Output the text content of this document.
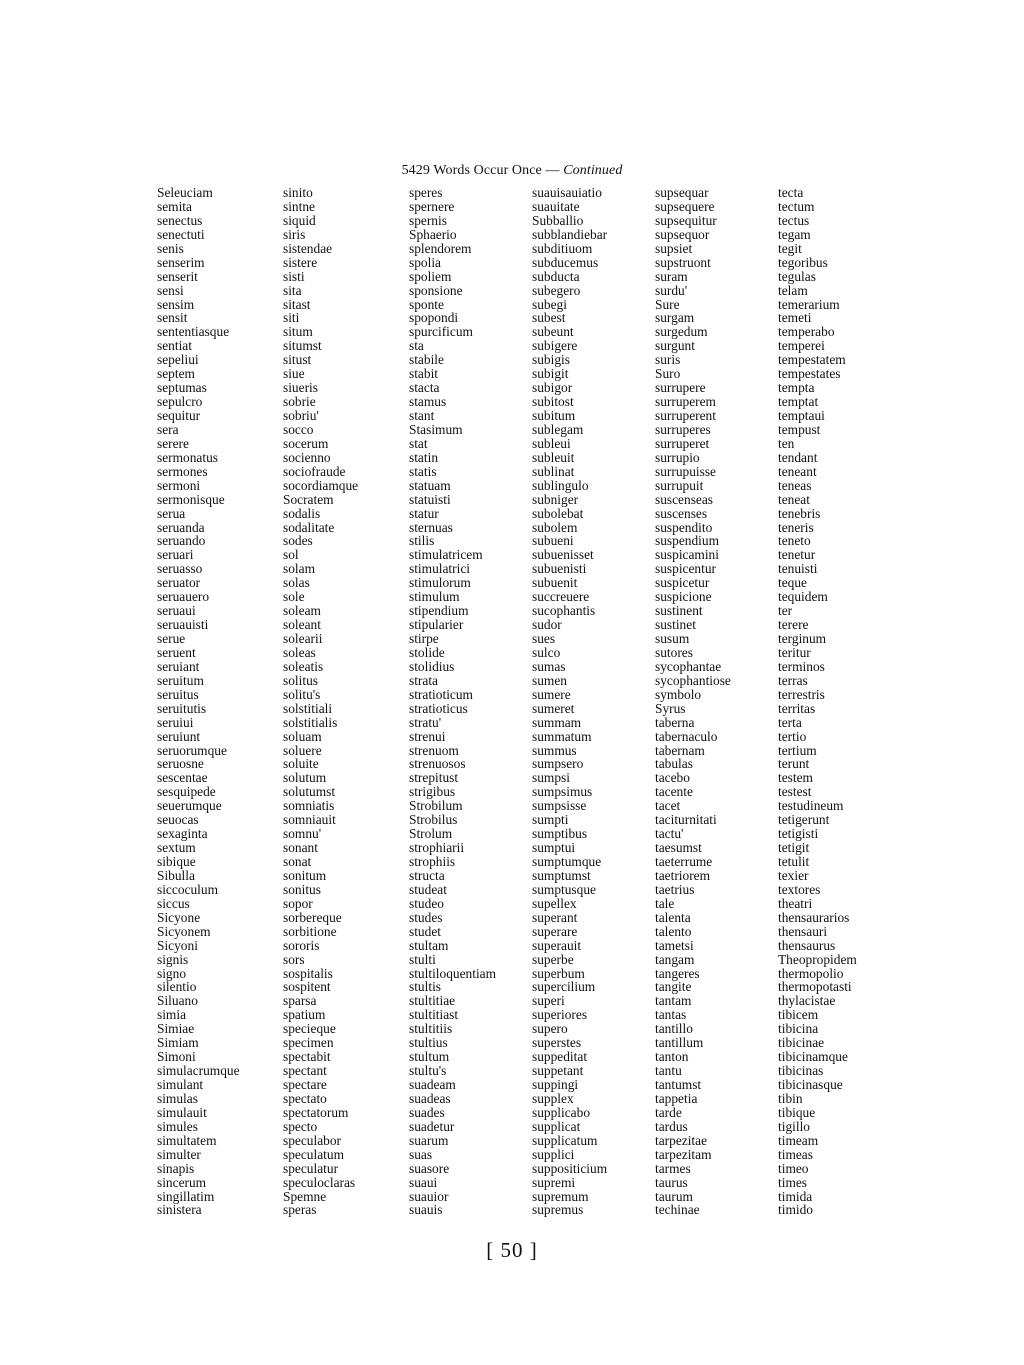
5429 Words Occur Once — Continued
Seleuciam
semita
senectus
senectuti
senis
senserim
senserit
sensi
sensim
sensit
sententiasque
sentiat
sepeliui
septem
septumas
sepulcro
sequitur
sera
serere
sermonatus
sermones
sermoni
sermonisque
serua
seruanda
seruando
seruari
seruasso
seruator
seruauero
seruaui
seruauisti
serue
seruent
seruiant
seruitum
seruitus
seruitutis
seruiui
seruiunt
seruorumque
seruosne
sescentae
sesquipede
seuerumque
seuocas
sexaginta
sextum
sibique
Sibulla
siccoculum
siccus
Sicyone
Sicyonem
Sicyoni
signis
signo
silentio
Siluano
simia
Simiae
Simiam
Simoni
simulacrumque
simulant
simulas
simulauit
simules
simultatem
simulter
sinapis
sincerum
singillatim
sinistera
sinito
sintne
siquid
siris
sistendae
sistere
sisti
sita
sitast
siti
situm
situmst
situst
siue
siueris
sobrie
sobriu'
socco
socerum
socienno
sociofraude
socordiamque
Socratem
sodalis
sodalitate
sodes
sol
solam
solas
sole
soleam
soleant
solearii
soleas
soleatis
solitus
solitu's
solstitiali
solstitialis
soluam
soluere
soluite
solutum
solutumst
somniatis
somniauit
somnu'
sonant
sonat
sonitum
sonitus
sopor
sorbereque
sorbitione
sororis
sors
sospitalis
sospitent
sparsa
spatium
specieque
specimen
spectabit
spectant
spectare
spectato
spectatorum
specto
speculabor
speculatum
speculatur
speculoclaras
Spemne
speras
speres
spernere
spernis
Sphaerio
splendorem
spolia
spoliem
sponsione
sponte
spopondi
spurcificum
sta
stabile
stabit
stacta
stamus
stant
Stasimum
stat
statin
statis
statuam
statuisti
statur
sternuas
stilis
stimulatricem
stimulatrici
stimulorum
stimulum
stipendium
stipularier
stirpe
stolide
stolidius
strata
stratioticum
stratioticus
stratu'
strenui
strenuom
strenuosos
strepitust
strigibus
Strobilum
Strobilus
Strolum
strophiarii
strophiis
structa
studeat
studeo
studes
studet
stultam
stulti
stultiloquentiam
stultis
stultitiae
stultitiast
stultitiis
stultius
stultum
stultu's
suadeam
suadeas
suades
suadetur
suarum
suas
suasore
suaui
suauior
suauis
suauisauiatio
suauitate
Subballio
subblandiebar
subditiuom
subducemus
subducta
subegero
subegi
subest
subeunt
subigere
subigis
subigit
subigor
subitost
subitum
sublegam
subleui
subleuit
sublinat
sublingulo
subniger
subolebat
subolem
subueni
subuenisset
subuenisti
subuenit
succreuere
sucophantis
sudor
sues
sulco
sumas
sumen
sumere
sumeret
summam
summatum
summus
sumpsero
sumpsi
sumpsimus
sumpsisse
sumpti
sumptibus
sumptui
sumptumque
sumptumst
sumptusque
supellex
superant
superare
superauit
superbe
superbum
supercilium
superi
superiores
supero
superstes
suppeditat
suppetant
suppingi
supplex
supplicabo
supplicat
supplicatum
supplici
suppositicium
supremi
supremum
supremus
supsequar
supsequere
supsequitur
supsequor
supsiet
supstruont
suram
surdu'
Sure
surgam
surgedum
surgunt
suris
Suro
surrupere
surruperem
surruperent
surruperes
surruperet
surrupio
surrupuisse
surrupuit
suscenseas
suscenses
suspendito
suspendium
suspicamini
suspicentur
suspicetur
suspicione
sustinent
sustinet
susum
sutores
sycophantae
sycophantiose
symbolo
Syrus
taberna
tabernaculo
tabernam
tabulas
tacebo
tacente
tacet
taciturnitati
tactu'
taesumst
taeterrume
taetriorem
taetrius
tale
talenta
talento
tametsi
tangam
tangeres
tangite
tantam
tantas
tantillo
tantillum
tanton
tantu
tantumst
tappetia
tarde
tardus
tarpezitae
tarpezitam
tarmes
taurus
taurum
techinae
tecta
tectum
tectus
tegam
tegit
tegoribus
tegulas
telam
temerarium
temeti
temperabo
temperei
tempestatem
tempestates
tempta
temptat
temptaui
tempust
ten
tendant
teneant
teneas
teneat
tenebris
teneris
teneto
tenetur
tenuisti
teque
tequidem
ter
terere
terginum
teritur
terminos
terras
terrestris
territas
terta
tertio
tertium
terunt
testem
testest
testudineum
tetigerunt
tetigisti
tetigit
tetulit
texier
textores
theatri
thensaurarios
thensauri
thensaurus
Theopropidem
thermopolio
thermopotasti
thylacistae
tibicem
tibicina
tibicinae
tibicinamque
tibicinas
tibicinasque
tibin
tibique
tigillo
timeam
timeas
timeo
times
timida
timido
[ 50 ]
